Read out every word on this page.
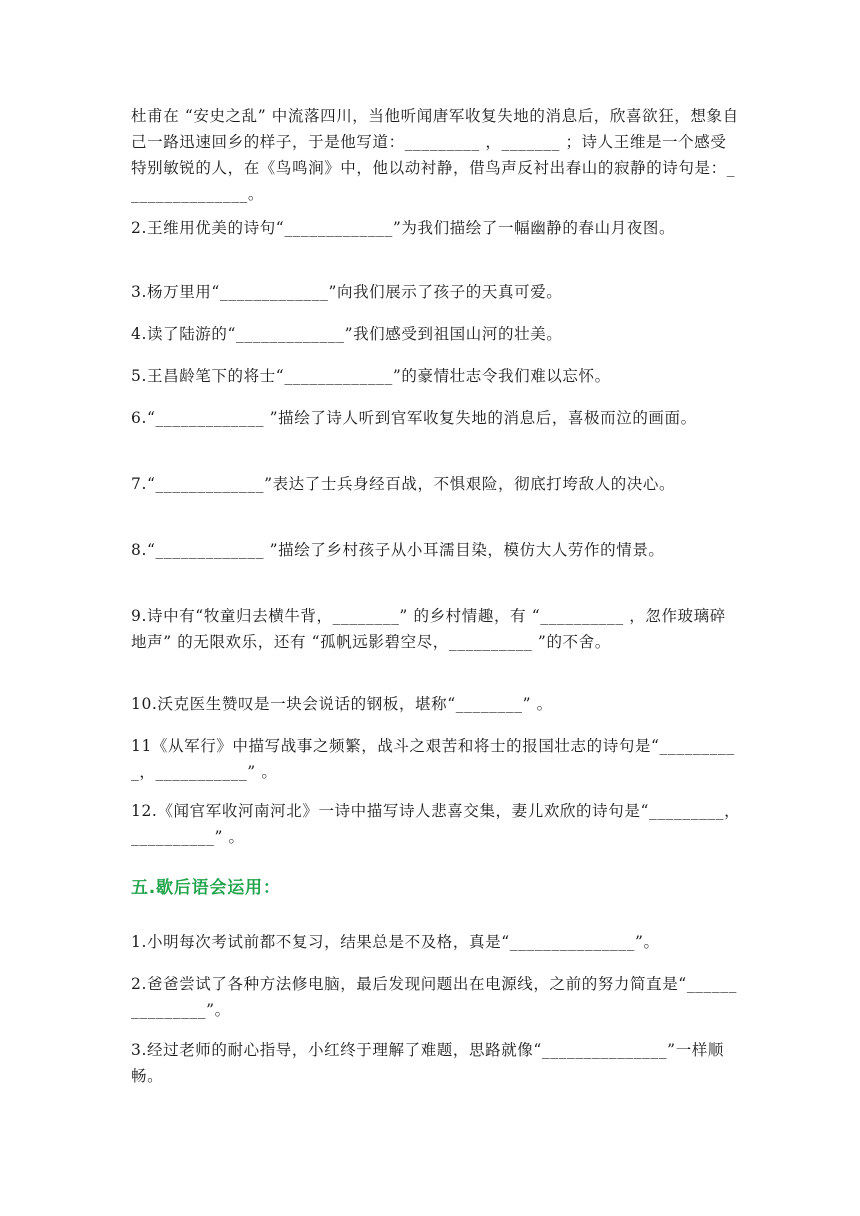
杜甫在 “安史之乱” 中流落四川，当他听闻唐军收复失地的消息后，欣喜欲狂，想象自己一路迅速回乡的样子，于是他写道：_________ ，_______ ；诗人王维是一个感受特别敏锐的人，在《鸟鸣涧》中，他以动衬静，借鸟声反衬出春山的寂静的诗句是：_______________。

2.王维用优美的诗句“_____________”为我们描绘了一幅幽静的春山月夜图。

3.杨万里用“_____________”向我们展示了孩子的天真可爱。

4.读了陆游的“_____________”我们感受到祖国山河的壮美。

5.王昌龄笔下的将士“_____________”的豪情壮志令我们难以忘怀。

6.“_____________ ”描绘了诗人听到官军收复失地的消息后，喜极而泣的画面。

7.“_____________”表达了士兵身经百战，不惧艰险，彻底打垮敌人的决心。

8.“_____________ ”描绘了乡村孩子从小耳濡目染，模仿大人劳作的情景。

9.诗中有“牧童归去横牛背，________” 的乡村情趣，有 “__________ ，忽作玻璃碎地声” 的无限欢乐，还有 “孤帆远影碧空尽，__________ ”的不舍。

10.沃克医生赞叹是一块会说话的钢板，堪称“________” 。

11《从军行》中描写战事之频繁，战斗之艰苦和将士的报国壮志的诗句是“__________，___________” 。

12.《闻官军收河南河北》一诗中描写诗人悲喜交集，妻儿欢欣的诗句是“_________，__________” 。

五.歇后语会运用：

1.小明每次考试前都不复习，结果总是不及格，真是“_______________”。

2.爸爸尝试了各种方法修电脑，最后发现问题出在电源线，之前的努力简直是“_______________”。

3.经过老师的耐心指导，小红终于理解了难题，思路就像“_______________”一样顺畅。
